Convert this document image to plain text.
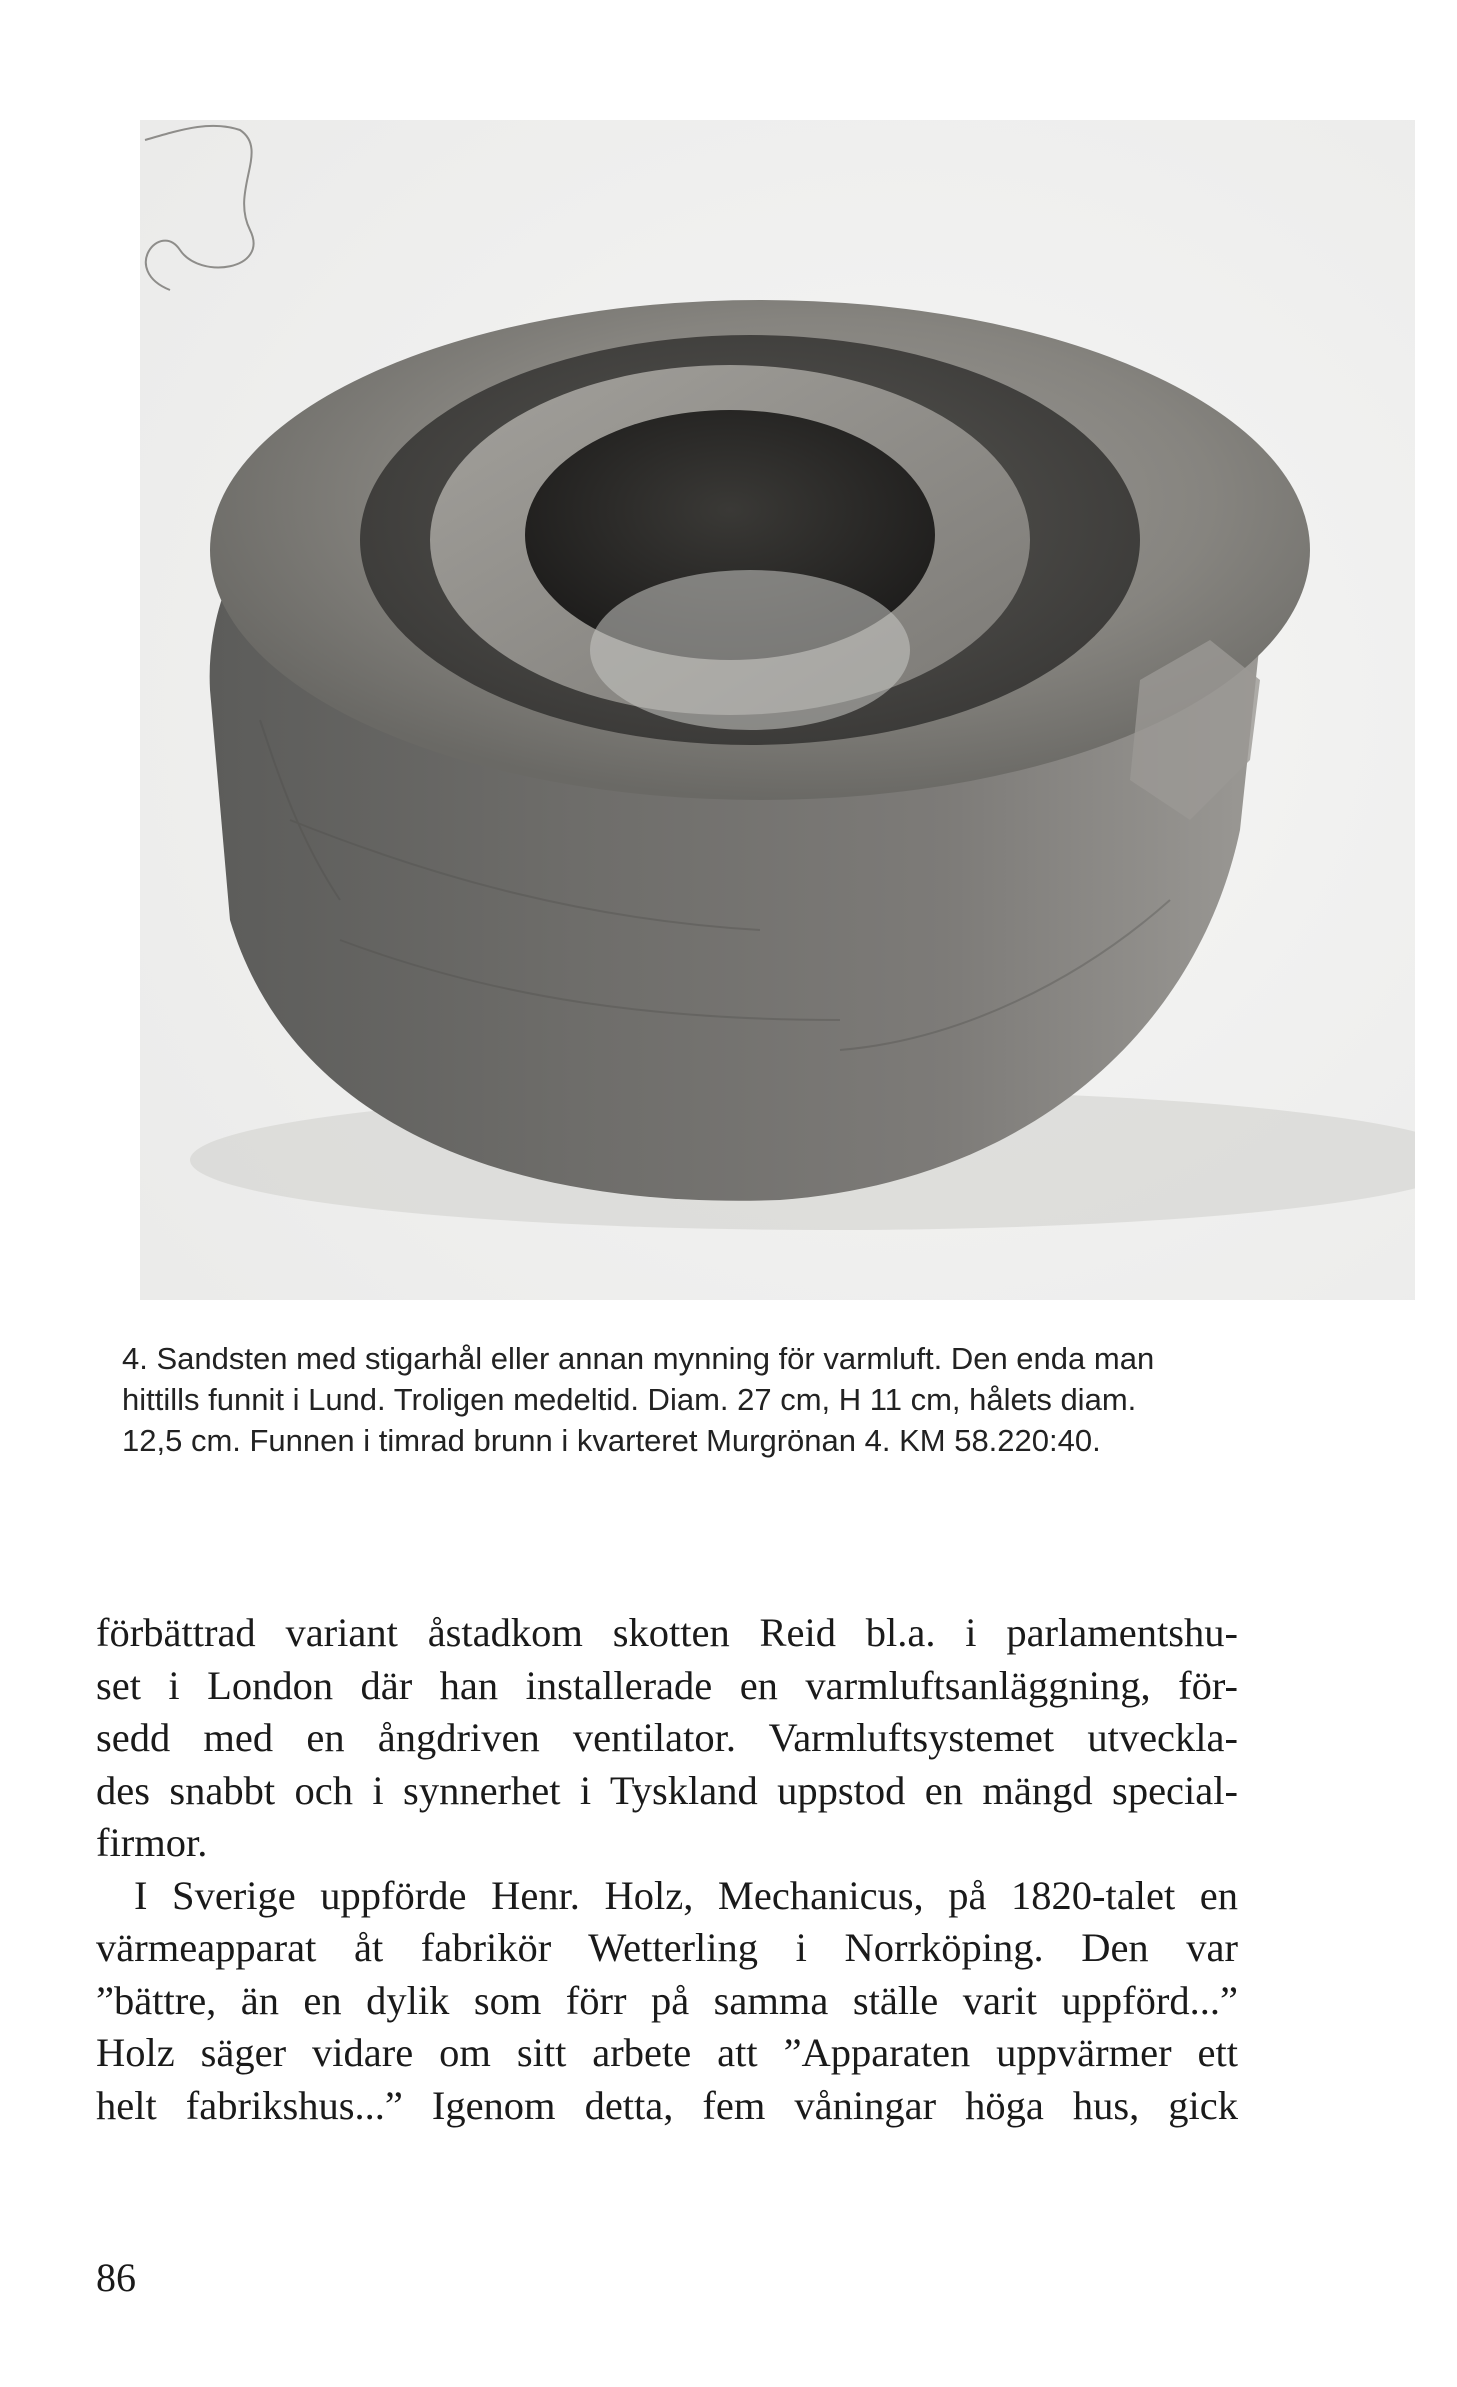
4. Sandsten med stigarhål eller annan mynning för varmluft. Den enda man
hittills funnit i Lund. Troligen medeltid. Diam. 27 cm, H 11 cm, hålets diam.
12,5 cm. Funnen i timrad brunn i kvarteret Murgrönan 4. KM 58.220:40.
förbättrad variant åstadkom skotten Reid bl.a. i parlamentshu-
set i London där han installerade en varmluftsanläggning, för-
sedd med en ångdriven ventilator. Varmluftsystemet utveckla-
des snabbt och i synnerhet i Tyskland uppstod en mängd special-
firmor.
I Sverige uppförde Henr. Holz, Mechanicus, på 1820-talet en
värmeapparat åt fabrikör Wetterling i Norrköping. Den var
”bättre, än en dylik som förr på samma ställe varit uppförd...”
Holz säger vidare om sitt arbete att ”Apparaten uppvärmer ett
helt fabrikshus...” Igenom detta, fem våningar höga hus, gick
86
